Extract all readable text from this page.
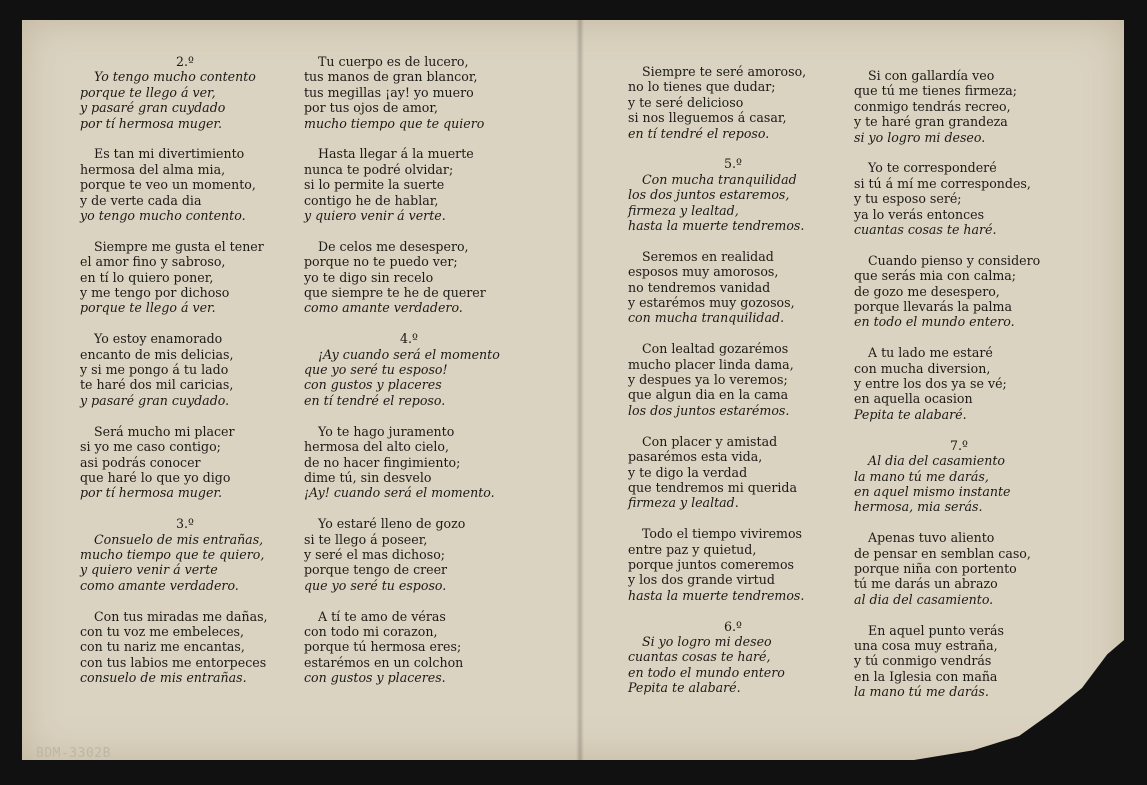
2.º
Yo tengo mucho contento
porque te llego á ver,
y pasaré gran cuydado
por tí hermosa muger.
Es tan mi divertimiento
hermosa del alma mia,
porque te veo un momento,
y de verte cada dia
yo tengo mucho contento.
Siempre me gusta el tener
el amor fino y sabroso,
en tí lo quiero poner,
y me tengo por dichoso
porque te llego á ver.
Yo estoy enamorado
encanto de mis delicias,
y si me pongo á tu lado
te haré dos mil caricias,
y pasaré gran cuydado.
Será mucho mi placer
si yo me caso contigo;
asi podrás conocer
que haré lo que yo digo
por tí hermosa muger.
3.º
Consuelo de mis entrañas,
mucho tiempo que te quiero,
y quiero venir á verte
como amante verdadero.
Con tus miradas me dañas,
con tu voz me embeleces,
con tu nariz me encantas,
con tus labios me entorpeces
consuelo de mis entrañas.
Tu cuerpo es de lucero,
tus manos de gran blancor,
tus megillas ¡ay! yo muero
por tus ojos de amor,
mucho tiempo que te quiero
Hasta llegar á la muerte
nunca te podré olvidar;
si lo permite la suerte
contigo he de hablar,
y quiero venir á verte.
De celos me desespero,
porque no te puedo ver;
yo te digo sin recelo
que siempre te he de querer
como amante verdadero.
4.º
¡Ay cuando será el momento
que yo seré tu esposo!
con gustos y placeres
en tí tendré el reposo.
Yo te hago juramento
hermosa del alto cielo,
de no hacer fingimiento;
dime tú, sin desvelo
¡Ay! cuando será el momento.
Yo estaré lleno de gozo
si te llego á poseer,
y seré el mas dichoso;
porque tengo de creer
que yo seré tu esposo.
A tí te amo de véras
con todo mi corazon,
porque tú hermosa eres;
estarémos en un colchon
con gustos y placeres.
Siempre te seré amoroso,
no lo tienes que dudar;
y te seré delicioso
si nos lleguemos á casar,
en tí tendré el reposo.
5.º
Con mucha tranquilidad
los dos juntos estaremos,
firmeza y lealtad,
hasta la muerte tendremos.
Seremos en realidad
esposos muy amorosos,
no tendremos vanidad
y estarémos muy gozosos,
con mucha tranquilidad.
Con lealtad gozarémos
mucho placer linda dama,
y despues ya lo veremos;
que algun dia en la cama
los dos juntos estarémos.
Con placer y amistad
pasarémos esta vida,
y te digo la verdad
que tendremos mi querida
firmeza y lealtad.
Todo el tiempo viviremos
entre paz y quietud,
porque juntos comeremos
y los dos grande virtud
hasta la muerte tendremos.
6.º
Si yo logro mi deseo
cuantas cosas te haré,
en todo el mundo entero
Pepita te alabaré.
Si con gallardía veo
que tú me tienes firmeza;
conmigo tendrás recreo,
y te haré gran grandeza
si yo logro mi deseo.
Yo te corresponderé
si tú á mí me correspondes,
y tu esposo seré;
ya lo verás entonces
cuantas cosas te haré.
Cuando pienso y considero
que serás mia con calma;
de gozo me desespero,
porque llevarás la palma
en todo el mundo entero.
A tu lado me estaré
con mucha diversion,
y entre los dos ya se vé;
en aquella ocasion
Pepita te alabaré.
7.º
Al dia del casamiento
la mano tú me darás,
en aquel mismo instante
hermosa, mia serás.
Apenas tuvo aliento
de pensar en semblan caso,
porque niña con portento
tú me darás un abrazo
al dia del casamiento.
En aquel punto verás
una cosa muy estraña,
y tú conmigo vendrás
en la Iglesia con maña
la mano tú me darás.
BDM-3302B
